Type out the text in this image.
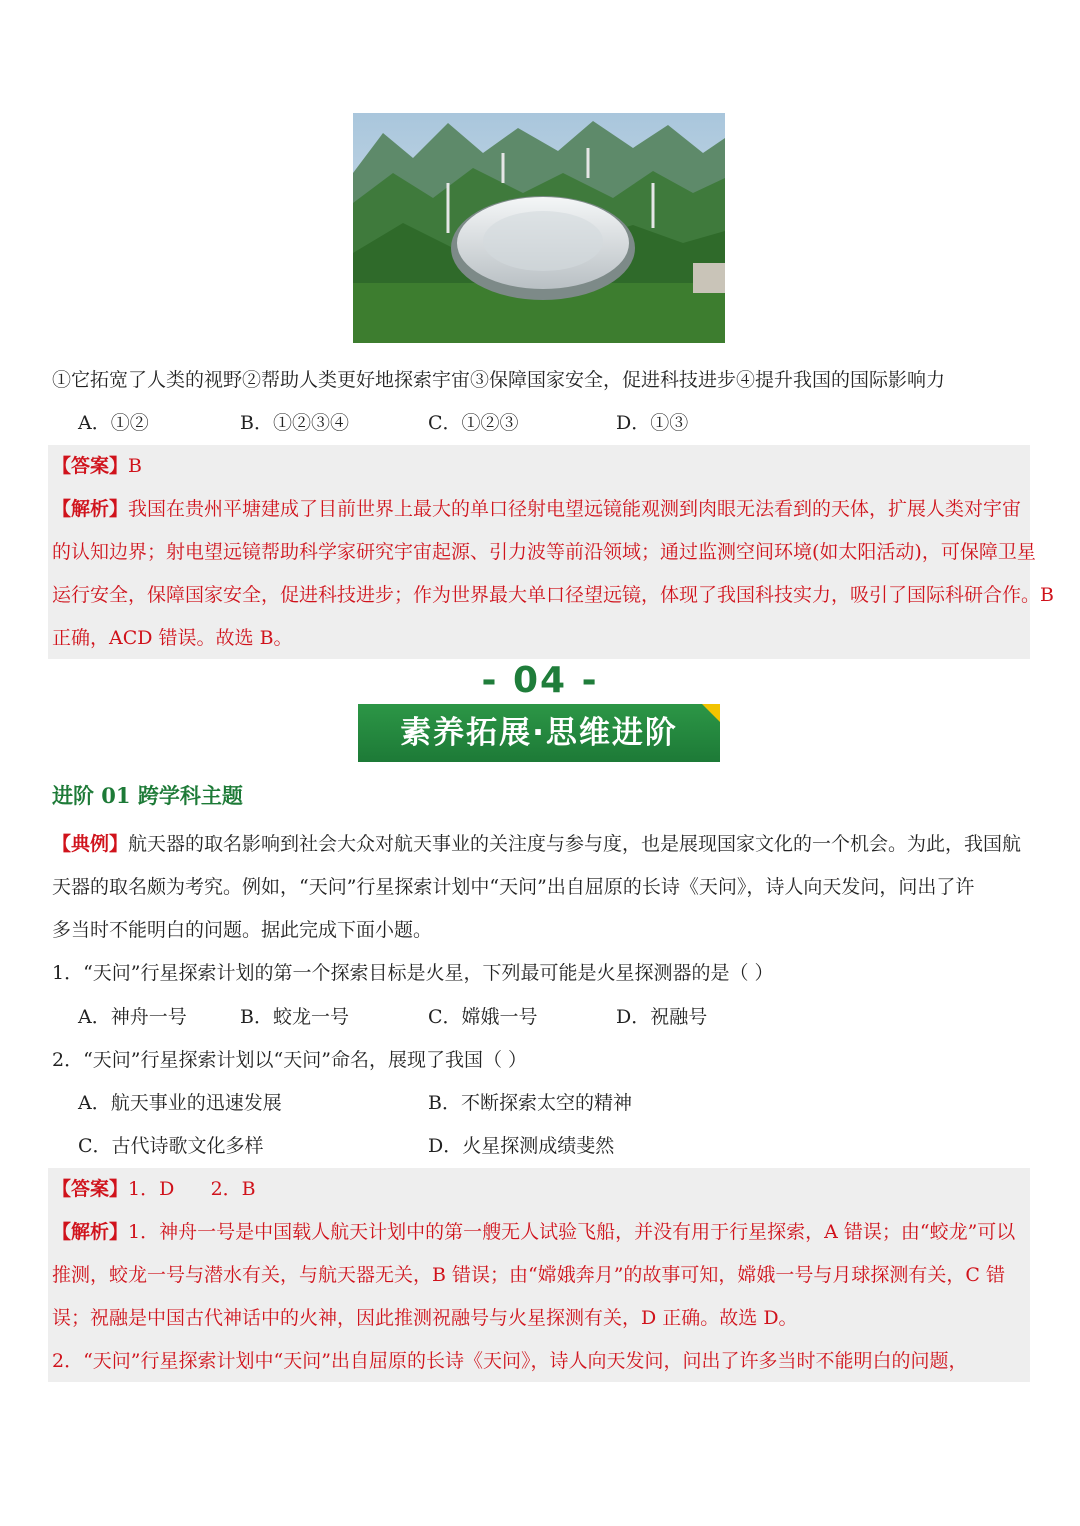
①它拓宽了人类的视野②帮助人类更好地探索宇宙③保障国家安全，促进科技进步④提升我国的国际影响力
A．①②	B．①②③④	C．①②③	D．①③
【答案】B
【解析】我国在贵州平塘建成了目前世界上最大的单口径射电望远镜能观测到肉眼无法看到的天体，扩展人类对宇宙
的认知边界；射电望远镜帮助科学家研究宇宙起源、引力波等前沿领域；通过监测空间环境(如太阳活动)，可保障卫星
运行安全，保障国家安全，促进科技进步；作为世界最大单口径望远镜，体现了我国科技实力，吸引了国际科研合作。B
正确，ACD 错误。故选 B。
- 04 -
素养拓展·思维进阶
进阶 01 跨学科主题
【典例】航天器的取名影响到社会大众对航天事业的关注度与参与度，也是展现国家文化的一个机会。为此，我国航
天器的取名颇为考究。例如，“天问”行星探索计划中“天问”出自屈原的长诗《天问》，诗人向天发问，问出了许
多当时不能明白的问题。据此完成下面小题。
1．“天问”行星探索计划的第一个探索目标是火星，下列最可能是火星探测器的是（ ）
A．神舟一号	B．蛟龙一号	C．嫦娥一号	D．祝融号
2．“天问”行星探索计划以“天问”命名，展现了我国（ ）
A．航天事业的迅速发展	B．不断探索太空的精神
C．古代诗歌文化多样	D．火星探测成绩斐然
【答案】1．D      2．B
【解析】1．神舟一号是中国载人航天计划中的第一艘无人试验飞船，并没有用于行星探索，A 错误；由“蛟龙”可以
推测，蛟龙一号与潜水有关，与航天器无关，B 错误；由“嫦娥奔月”的故事可知，嫦娥一号与月球探测有关，C 错
误；祝融是中国古代神话中的火神，因此推测祝融号与火星探测有关，D 正确。故选 D。
2．“天问”行星探索计划中“天问”出自屈原的长诗《天问》，诗人向天发问，问出了许多当时不能明白的问题，
